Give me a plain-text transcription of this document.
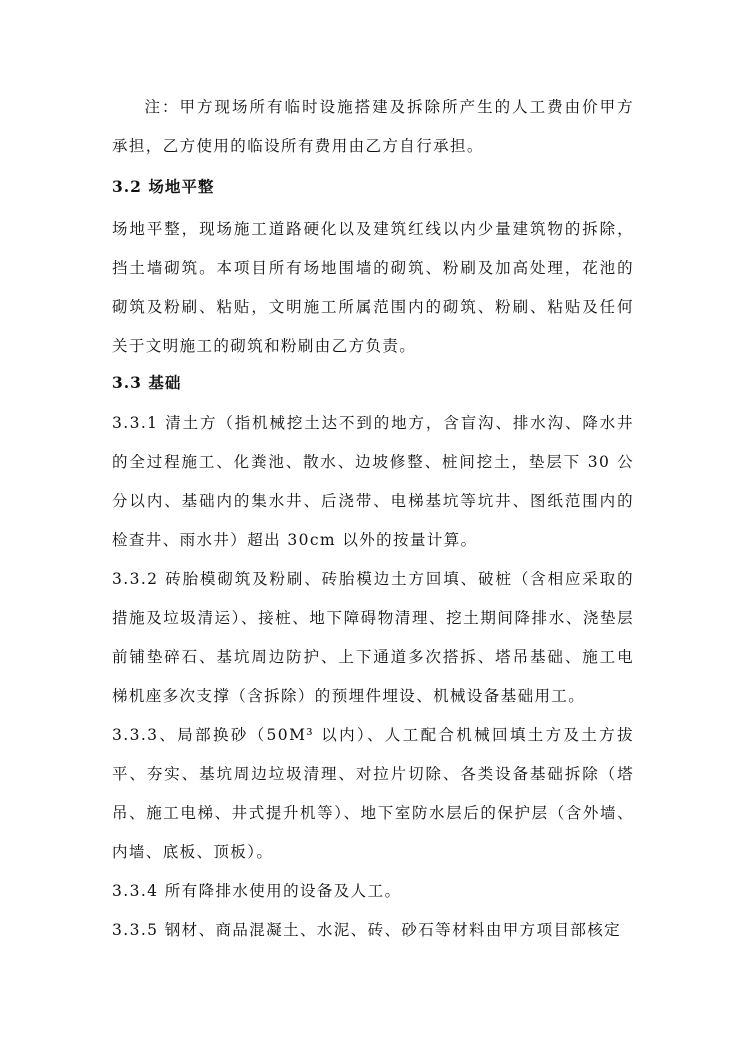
注：甲方现场所有临时设施搭建及拆除所产生的人工费由价甲方承担，乙方使用的临设所有费用由乙方自行承担。

3.2 场地平整

场地平整，现场施工道路硬化以及建筑红线以内少量建筑物的拆除，挡土墙砌筑。本项目所有场地围墙的砌筑、粉刷及加高处理，花池的砌筑及粉刷、粘贴，文明施工所属范围内的砌筑、粉刷、粘贴及任何关于文明施工的砌筑和粉刷由乙方负责。

3.3 基础

3.3.1 清土方（指机械挖土达不到的地方，含盲沟、排水沟、降水井的全过程施工、化粪池、散水、边坡修整、桩间挖土，垫层下 30 公分以内、基础内的集水井、后浇带、电梯基坑等坑井、图纸范围内的检查井、雨水井）超出 30cm 以外的按量计算。

3.3.2 砖胎模砌筑及粉刷、砖胎模边土方回填、破桩（含相应采取的措施及垃圾清运）、接桩、地下障碍物清理、挖土期间降排水、浇垫层前铺垫碎石、基坑周边防护、上下通道多次搭拆、塔吊基础、施工电梯机座多次支撑（含拆除）的预埋件埋设、机械设备基础用工。

3.3.3、局部换砂（50M³ 以内）、人工配合机械回填土方及土方拔平、夯实、基坑周边垃圾清理、对拉片切除、各类设备基础拆除（塔吊、施工电梯、井式提升机等）、地下室防水层后的保护层（含外墙、内墙、底板、顶板）。

3.3.4 所有降排水使用的设备及人工。

3.3.5 钢材、商品混凝土、水泥、砖、砂石等材料由甲方项目部核定
